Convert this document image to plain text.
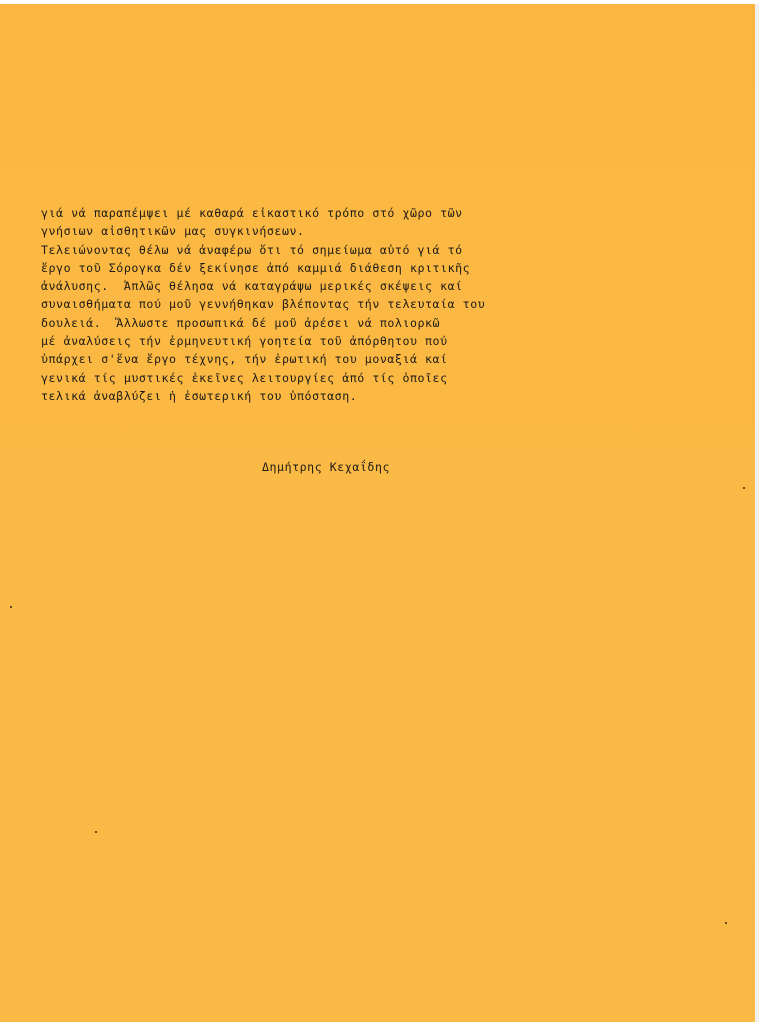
γιά νά παραπέμψει μέ καθαρά εἰκαστικό τρόπο στό χῶρο τῶν
γνήσιων αἰσθητικῶν μας συγκινήσεων.
Τελειώνοντας θέλω νά ἀναφέρω ὅτι τό σημείωμα αὐτό γιά τό
ἔργο τοῦ Σόρογκα δέν ξεκίνησε ἀπό καμμιά διάθεση κριτικῆς
ἀνάλυσης.  Ἁπλῶς θέλησα νά καταγράψω μερικές σκέψεις καί
συναισθήματα πού μοῦ γεννήθηκαν βλέποντας τήν τελευταία του
δουλειά.  Ἄλλωστε προσωπικά δέ μοῦ ἀρέσει νά πολιορκῶ
μέ ἀναλύσεις τήν ἑρμηνευτική γοητεία τοῦ ἀπόρθητου πού
ὑπάρχει σ'ἕνα ἔργο τέχνης, τήν ἐρωτική του μοναξιά καί
γενικά τίς μυστικές ἐκεῖνες λειτουργίες ἀπό τίς ὁποῖες
τελικά ἀναβλύζει ἡ ἐσωτερική του ὑπόσταση.

Δημήτρης Κεχαΐδης
